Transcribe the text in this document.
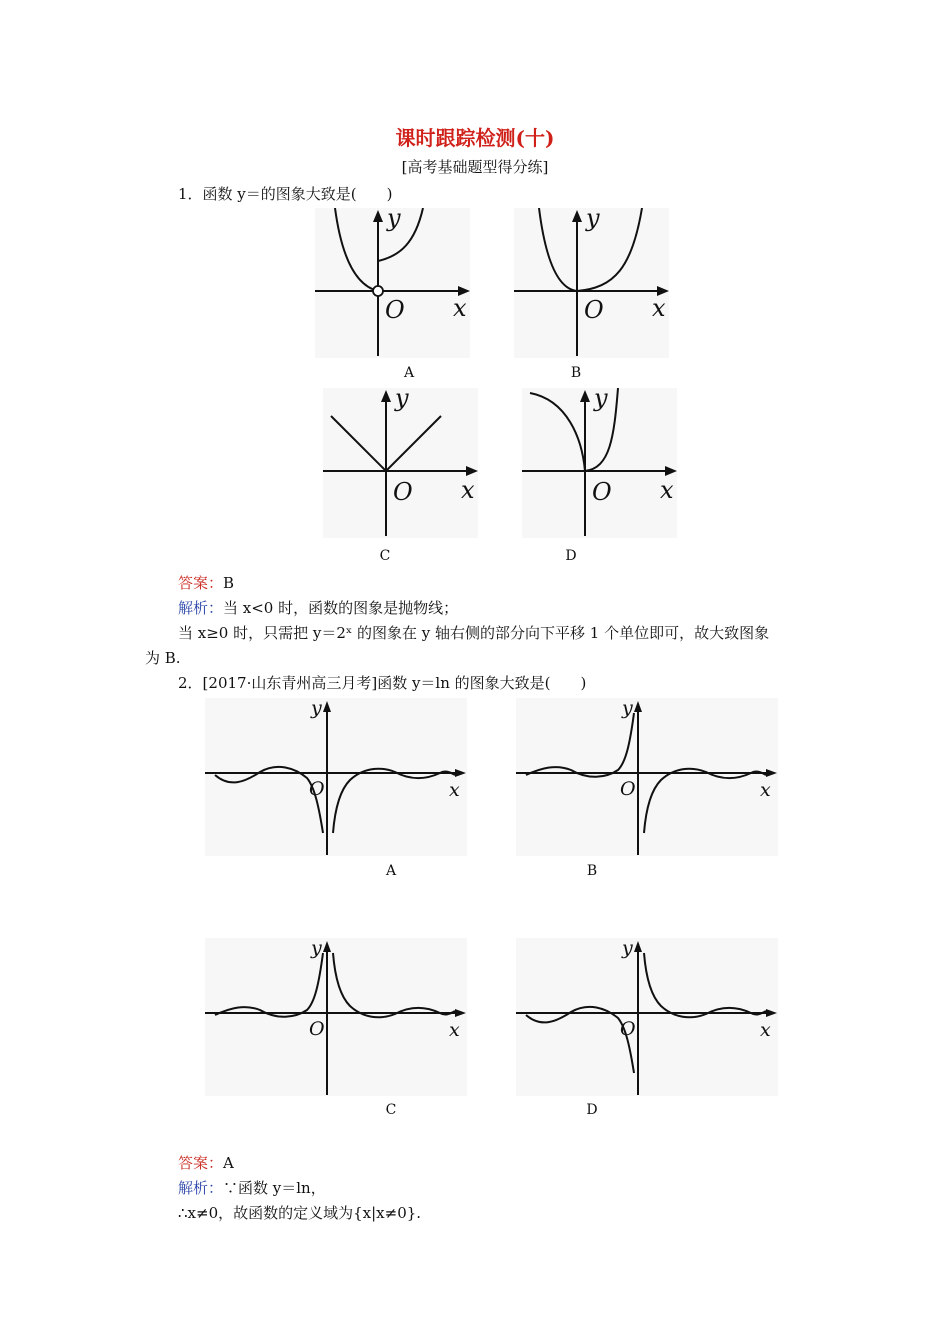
课时跟踪检测(十)
[高考基础题型得分练]
1．函数 y＝的图象大致是(　　)
y
O x
A
y
O x
B
y
O x
C
y
O x
D
答案：B
解析：当 x<0 时，函数的图象是抛物线；
当 x≥0 时，只需把 y＝2ˣ 的图象在 y 轴右侧的部分向下平移 1 个单位即可，故大致图象
为 B.
2．[2017·山东青州高三月考]函数 y＝ln 的图象大致是(　　)
y
O	x
A
y
O	x
B
y
O	x
C
y
O	x
D
答案：A
解析：∵函数 y＝ln，
∴x≠0，故函数的定义域为{x|x≠0}.
